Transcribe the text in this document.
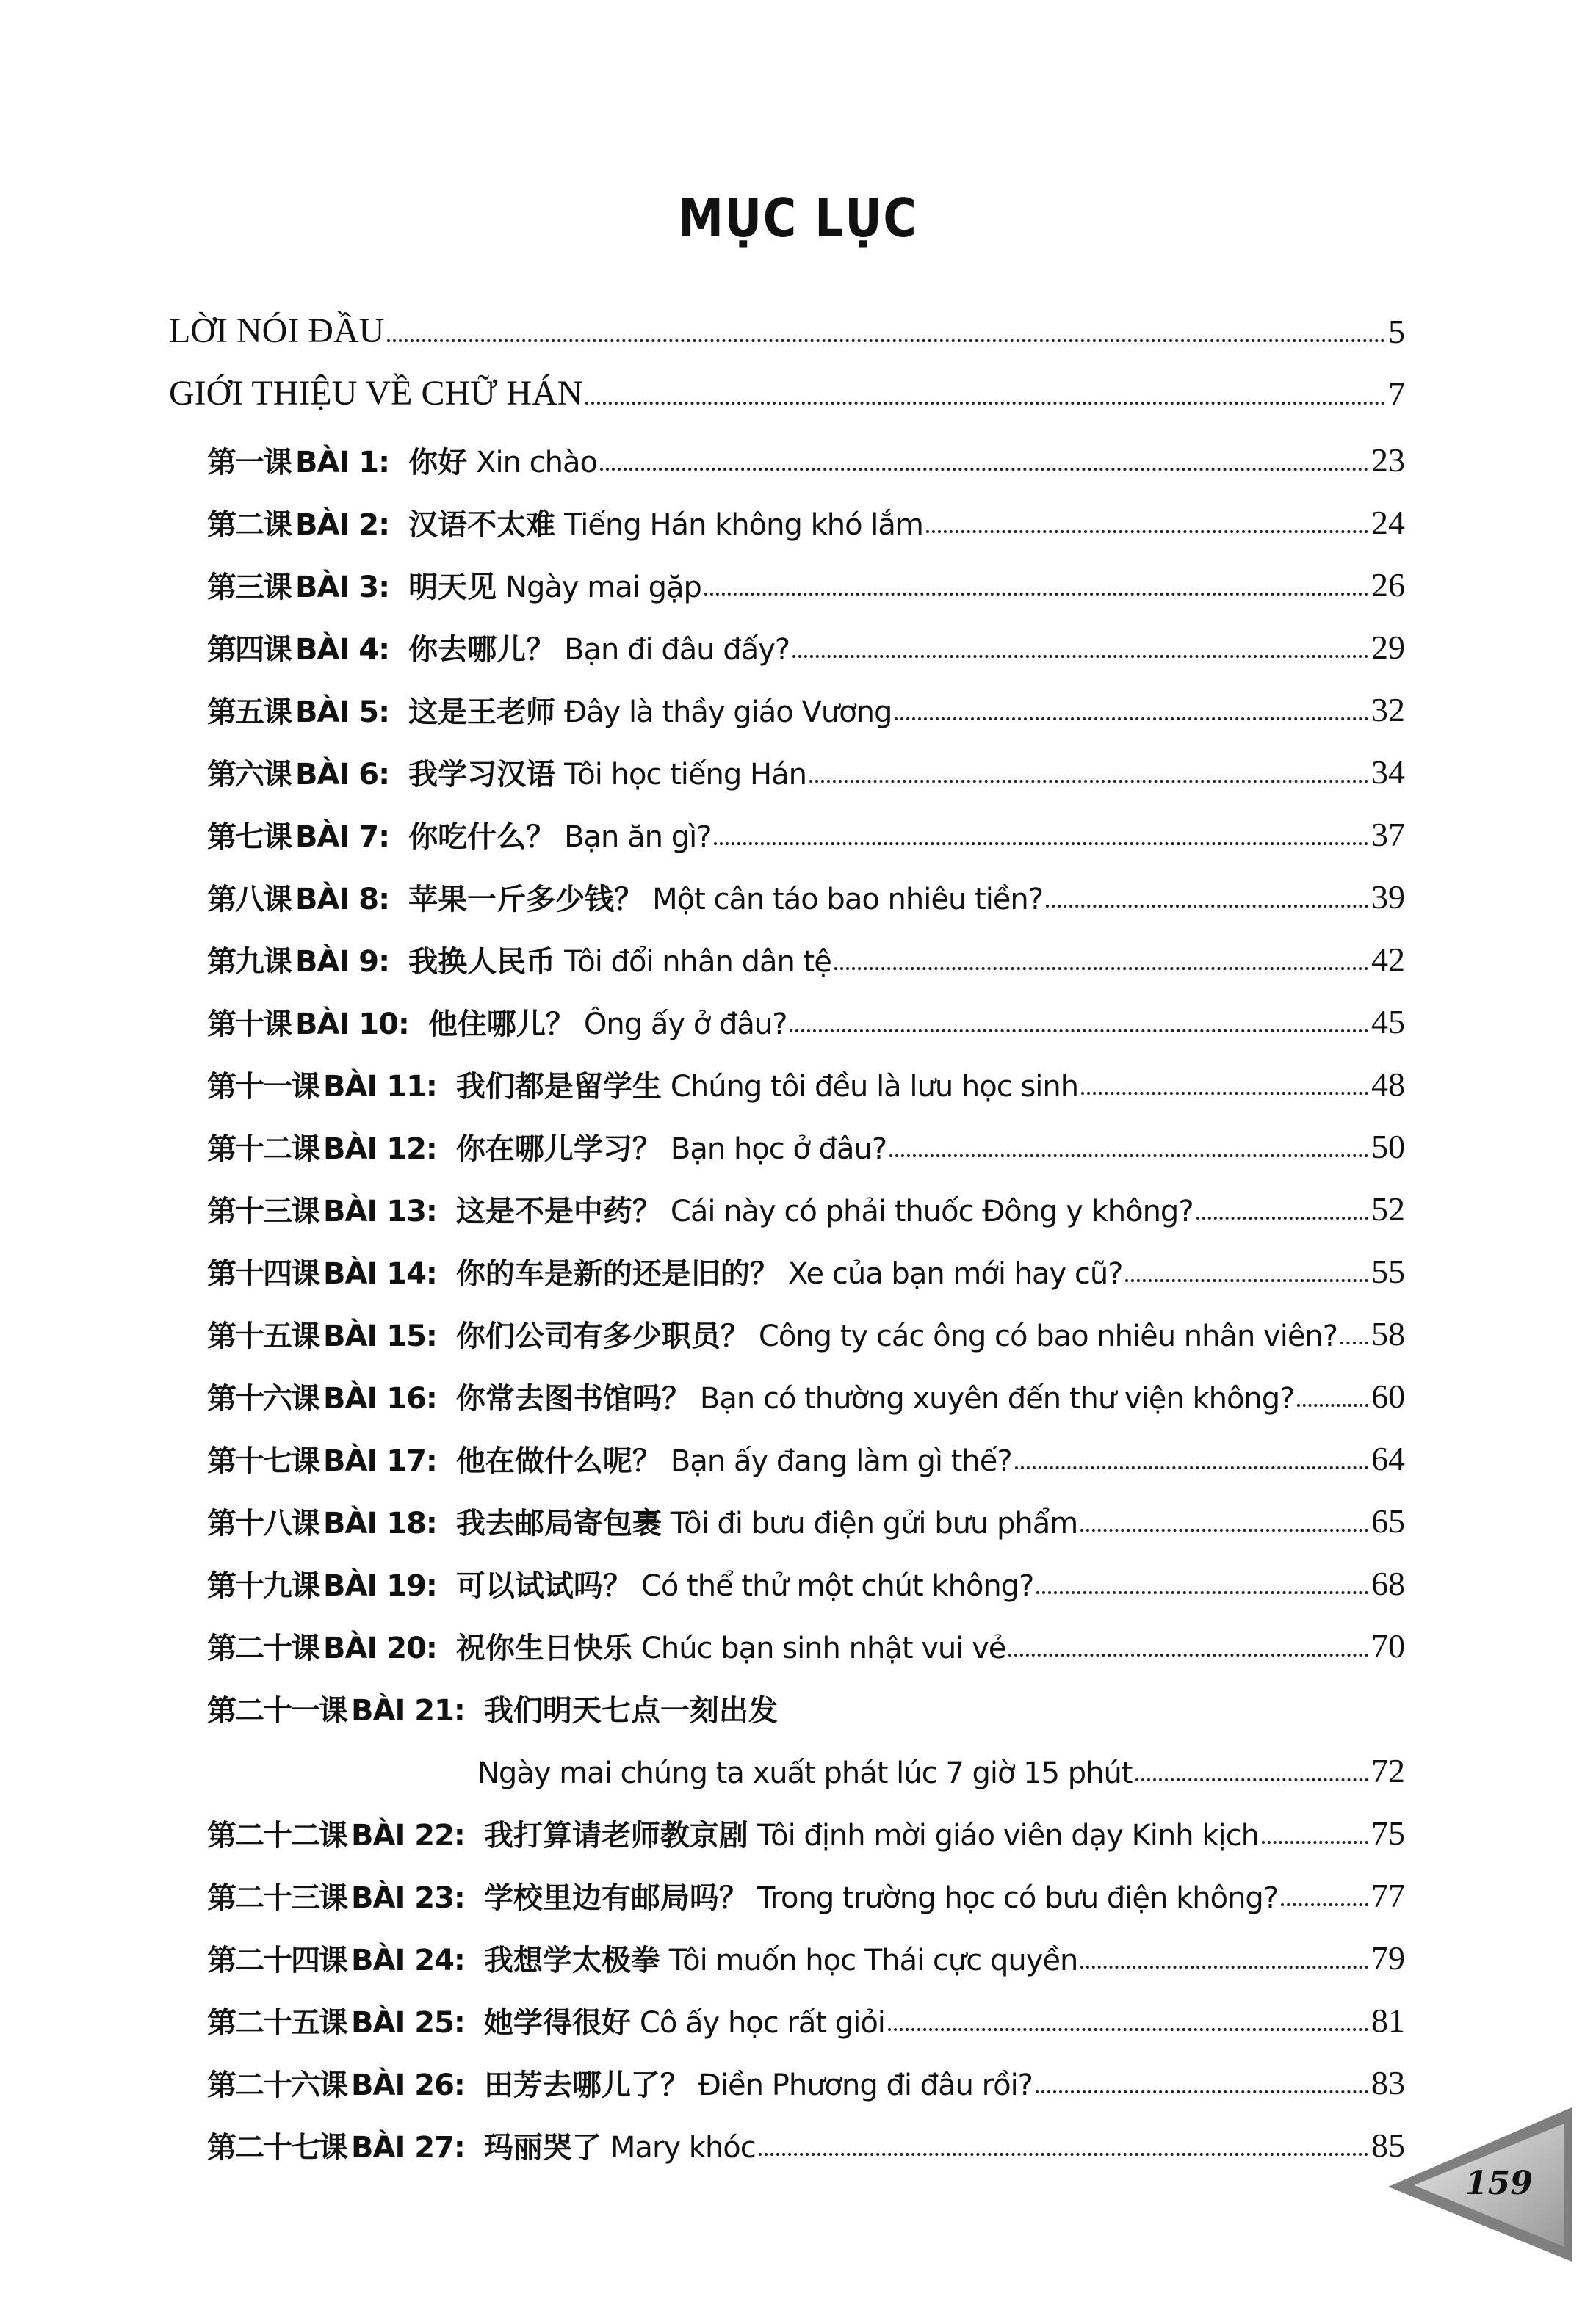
MỤC LỤC
LỜI NÓI ĐẦU	5
GIỚI THIỆU VỀ CHỮ HÁN	7
第一课 BÀI 1: 你好 Xin chào	23
第二课 BÀI 2: 汉语不太难 Tiếng Hán không khó lắm	24
第三课 BÀI 3: 明天见 Ngày mai gặp	26
第四课 BÀI 4: 你去哪儿？ Bạn đi đâu đấy?	29
第五课 BÀI 5: 这是王老师 Đây là thầy giáo Vương	32
第六课 BÀI 6: 我学习汉语 Tôi học tiếng Hán	34
第七课 BÀI 7: 你吃什么？ Bạn ăn gì?	37
第八课 BÀI 8: 苹果一斤多少钱？ Một cân táo bao nhiêu tiền?	39
第九课 BÀI 9: 我换人民币 Tôi đổi nhân dân tệ	42
第十课 BÀI 10: 他住哪儿？ Ông ấy ở đâu?	45
第十一课 BÀI 11: 我们都是留学生 Chúng tôi đều là lưu học sinh	48
第十二课 BÀI 12: 你在哪儿学习？ Bạn học ở đâu?	50
第十三课 BÀI 13: 这是不是中药？ Cái này có phải thuốc Đông y không?	52
第十四课 BÀI 14: 你的车是新的还是旧的？ Xe của bạn mới hay cũ?	55
第十五课 BÀI 15: 你们公司有多少职员？ Công ty các ông có bao nhiêu nhân viên? 58
第十六课 BÀI 16: 你常去图书馆吗？ Bạn có thường xuyên đến thư viện không? 60
第十七课 BÀI 17: 他在做什么呢？ Bạn ấy đang làm gì thế?	64
第十八课 BÀI 18: 我去邮局寄包裹 Tôi đi bưu điện gửi bưu phẩm	65
第十九课 BÀI 19: 可以试试吗？ Có thể thử một chút không?	68
第二十课 BÀI 20: 祝你生日快乐 Chúc bạn sinh nhật vui vẻ	70
第二十一课 BÀI 21: 我们明天七点一刻出发
Ngày mai chúng ta xuất phát lúc 7 giờ 15 phút	72
第二十二课 BÀI 22: 我打算请老师教京剧 Tôi định mời giáo viên dạy Kinh kịch	75
第二十三课 BÀI 23: 学校里边有邮局吗？ Trong trường học có bưu điện không?	77
第二十四课 BÀI 24: 我想学太极拳 Tôi muốn học Thái cực quyền	79
第二十五课 BÀI 25: 她学得很好 Cô ấy học rất giỏi	81
第二十六课 BÀI 26: 田芳去哪儿了？ Điền Phương đi đâu rồi?	83
第二十七课 BÀI 27: 玛丽哭了 Mary khóc	85
159
